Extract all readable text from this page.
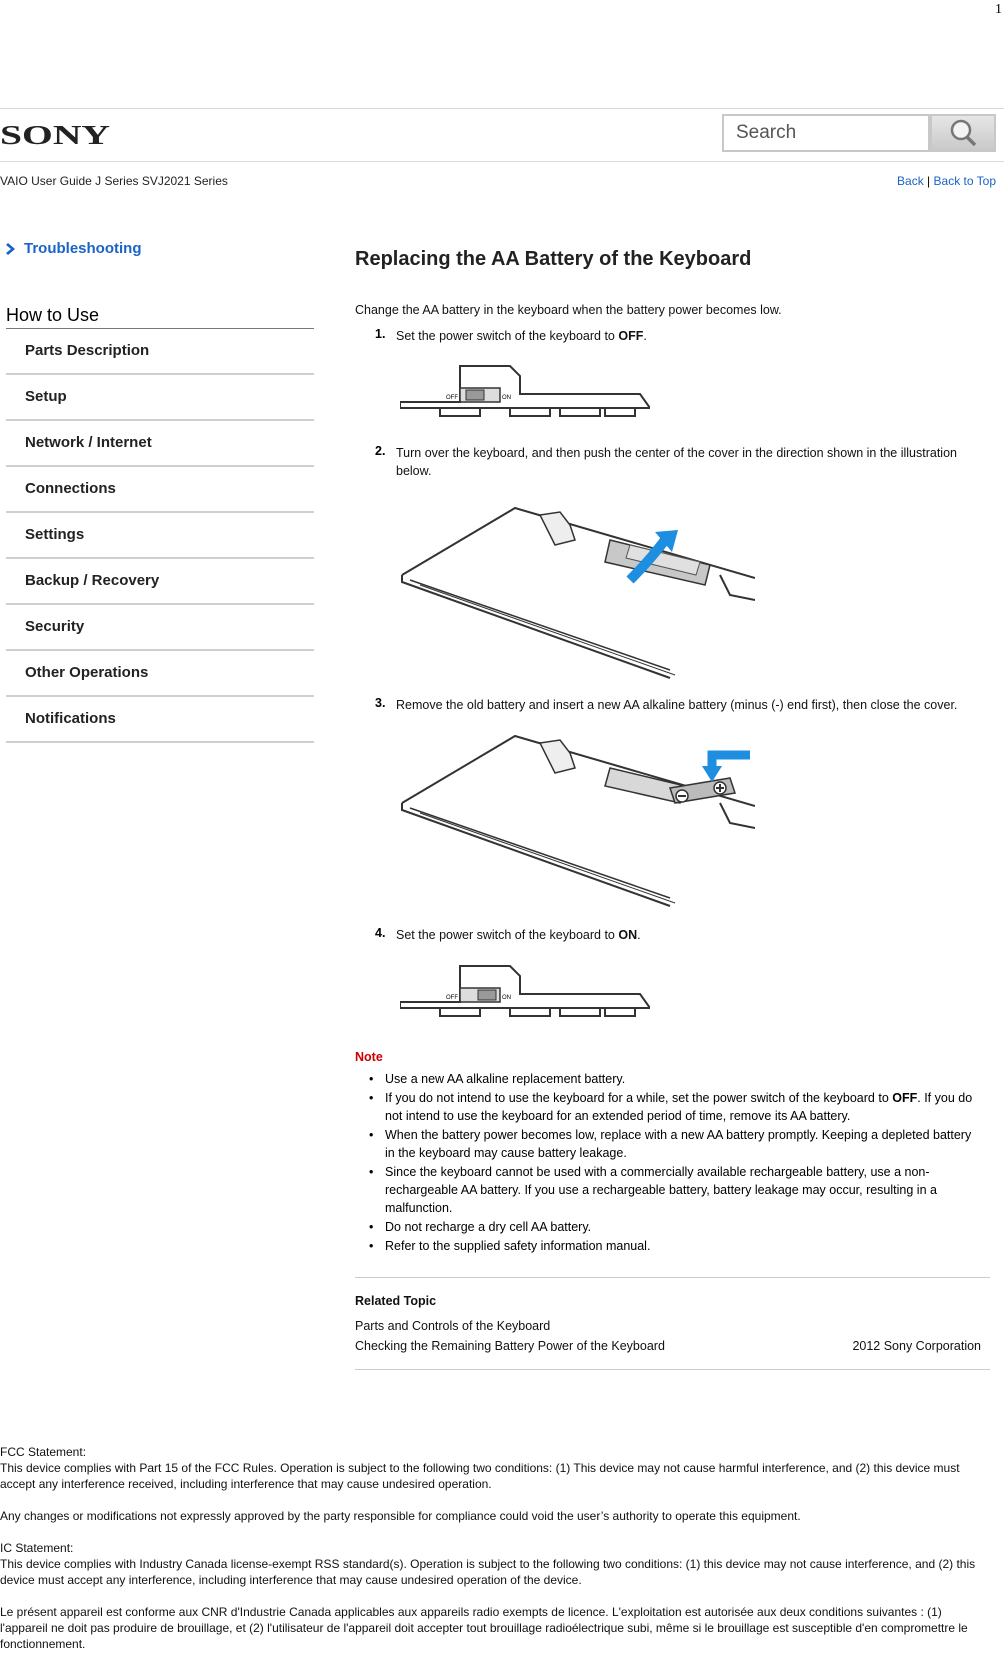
1
SONY	Search
VAIO User Guide J Series SVJ2021 Series	Back | Back to Top
Troubleshooting
How to Use
Parts Description
Setup
Network / Internet
Connections
Settings
Backup / Recovery
Security
Other Operations
Notifications
Replacing the AA Battery of the Keyboard
Change the AA battery in the keyboard when the battery power becomes low.
1. Set the power switch of the keyboard to OFF.
OFF	ON
2. Turn over the keyboard, and then push the center of the cover in the direction shown in the illustration below.
3. Remove the old battery and insert a new AA alkaline battery (minus (-) end first), then close the cover.
4. Set the power switch of the keyboard to ON.
OFF	ON
Note
• Use a new AA alkaline replacement battery.
• If you do not intend to use the keyboard for a while, set the power switch of the keyboard to OFF. If you do not intend to use the keyboard for an extended period of time, remove its AA battery.
• When the battery power becomes low, replace with a new AA battery promptly. Keeping a depleted battery in the keyboard may cause battery leakage.
• Since the keyboard cannot be used with a commercially available rechargeable battery, use a non-rechargeable AA battery. If you use a rechargeable battery, battery leakage may occur, resulting in a malfunction.
• Do not recharge a dry cell AA battery.
• Refer to the supplied safety information manual.
Related Topic
Parts and Controls of the Keyboard
Checking the Remaining Battery Power of the Keyboard	2012 Sony Corporation

FCC Statement:
This device complies with Part 15 of the FCC Rules. Operation is subject to the following two conditions: (1) This device may not cause harmful interference, and (2) this device must accept any interference received, including interference that may cause undesired operation.

Any changes or modifications not expressly approved by the party responsible for compliance could void the user’s authority to operate this equipment.

IC Statement:
This device complies with Industry Canada license-exempt RSS standard(s). Operation is subject to the following two conditions: (1) this device may not cause interference, and (2) this device must accept any interference, including interference that may cause undesired operation of the device.

Le présent appareil est conforme aux CNR d'Industrie Canada applicables aux appareils radio exempts de licence. L'exploitation est autorisée aux deux conditions suivantes : (1) l'appareil ne doit pas produire de brouillage, et (2) l'utilisateur de l'appareil doit accepter tout brouillage radioélectrique subi, même si le brouillage est susceptible d'en compromettre le fonctionnement.
